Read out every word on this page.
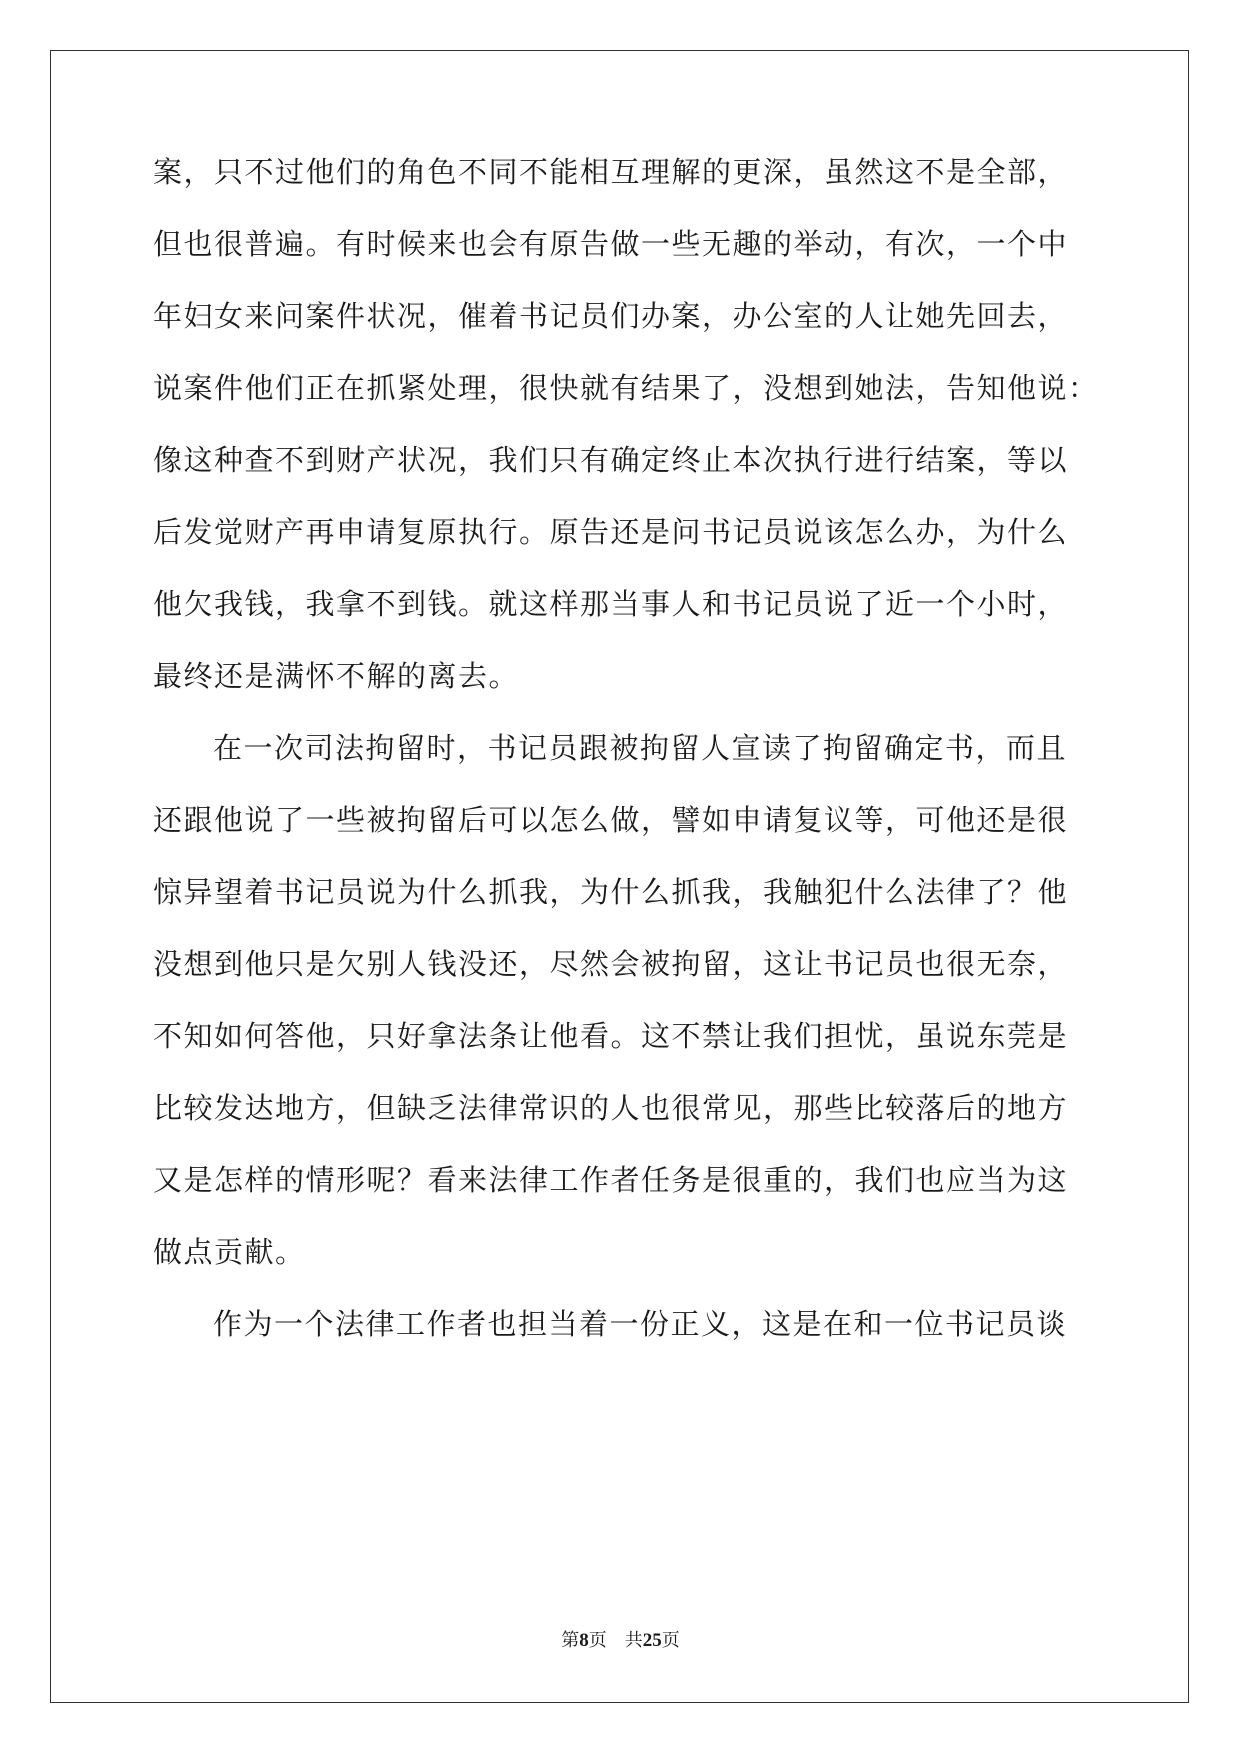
案，只不过他们的角色不同不能相互理解的更深，虽然这不是全部，
但也很普遍。有时候来也会有原告做一些无趣的举动，有次，一个中
年妇女来问案件状况，催着书记员们办案，办公室的人让她先回去，
说案件他们正在抓紧处理，很快就有结果了，没想到她法，告知他说：
像这种查不到财产状况，我们只有确定终止本次执行进行结案，等以
后发觉财产再申请复原执行。原告还是问书记员说该怎么办，为什么
他欠我钱，我拿不到钱。就这样那当事人和书记员说了近一个小时，
最终还是满怀不解的离去。
在一次司法拘留时，书记员跟被拘留人宣读了拘留确定书，而且
还跟他说了一些被拘留后可以怎么做，譬如申请复议等，可他还是很
惊异望着书记员说为什么抓我，为什么抓我，我触犯什么法律了？他
没想到他只是欠别人钱没还，尽然会被拘留，这让书记员也很无奈，
不知如何答他，只好拿法条让他看。这不禁让我们担忧，虽说东莞是
比较发达地方，但缺乏法律常识的人也很常见，那些比较落后的地方
又是怎样的情形呢？看来法律工作者任务是很重的，我们也应当为这
做点贡献。
作为一个法律工作者也担当着一份正义，这是在和一位书记员谈
第8页 共25页
